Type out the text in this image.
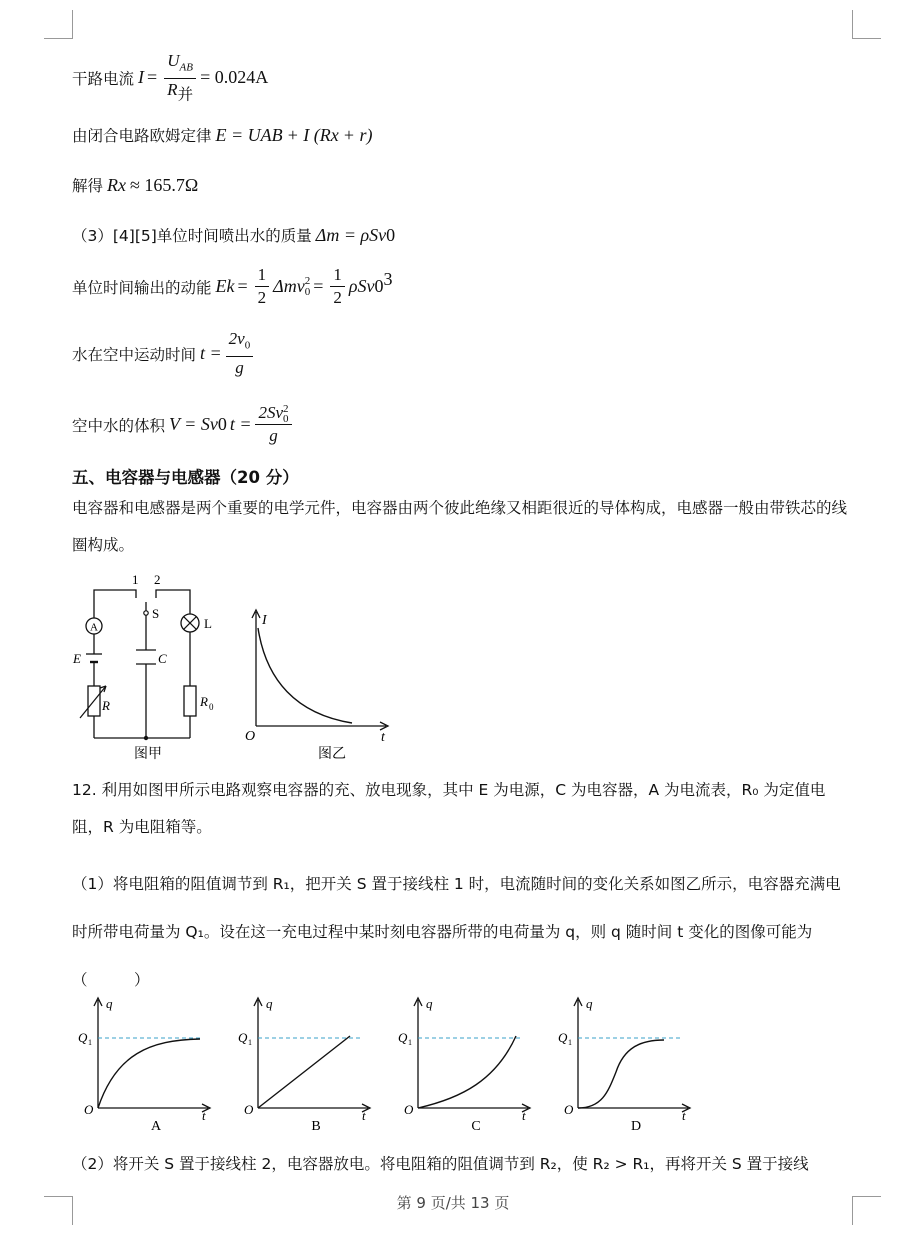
干路电流 $I = \frac{U_{AB}}{R_并} = 0.024A$
由闭合电路欧姆定律 E = U AB + I (R x + r)
解得 R x ≈ 165.7Ω
（3）[4][5]单位时间喷出水的质量 Δm = ρSv 0
单位时间输出的动能 E $k = \frac{1}{2}$ Δmv 2
$0 = \frac{1}{2}$ ρSv 0 3
水在空中运动时间 $t = \frac{2v_0}{g}$
空中水的体积 V = Sv 0 t = 2Sv 2
0
g
五、电容器与电感器（20 分）
电容器和电感器是两个重要的电学元件，电容器由两个彼此绝缘又相距很近的导体构成，电感器一般由带铁芯的线圈构成。
A
1 2
S
L
E	C
R	R 0
图甲
I
t
O
图乙
12. 利用如图甲所示电路观察电容器的充、放电现象，其中 E 为电源，C 为电容器，A 为电流表，R₀ 为定值电阻，R 为电阻箱等。
（1）将电阻箱的阻值调节到 R₁，把开关 S 置于接线柱 1 时，电流随时间的变化关系如图乙所示，电容器充满电时所带电荷量为 Q₁。设在这一充电过程中某时刻电容器所带的电荷量为 q，则 q 随时间 t 变化的图像可能为（　　　）
q
t
O
Q 1
A
q
t
O
Q 1
B
q
t
O
Q 1
C
q
t
O
Q 1
D
（2）将开关 S 置于接线柱 2，电容器放电。将电阻箱的阻值调节到 R₂，使 R₂ > R₁，再将开关 S 置于接线
第 9 页/共 13 页
